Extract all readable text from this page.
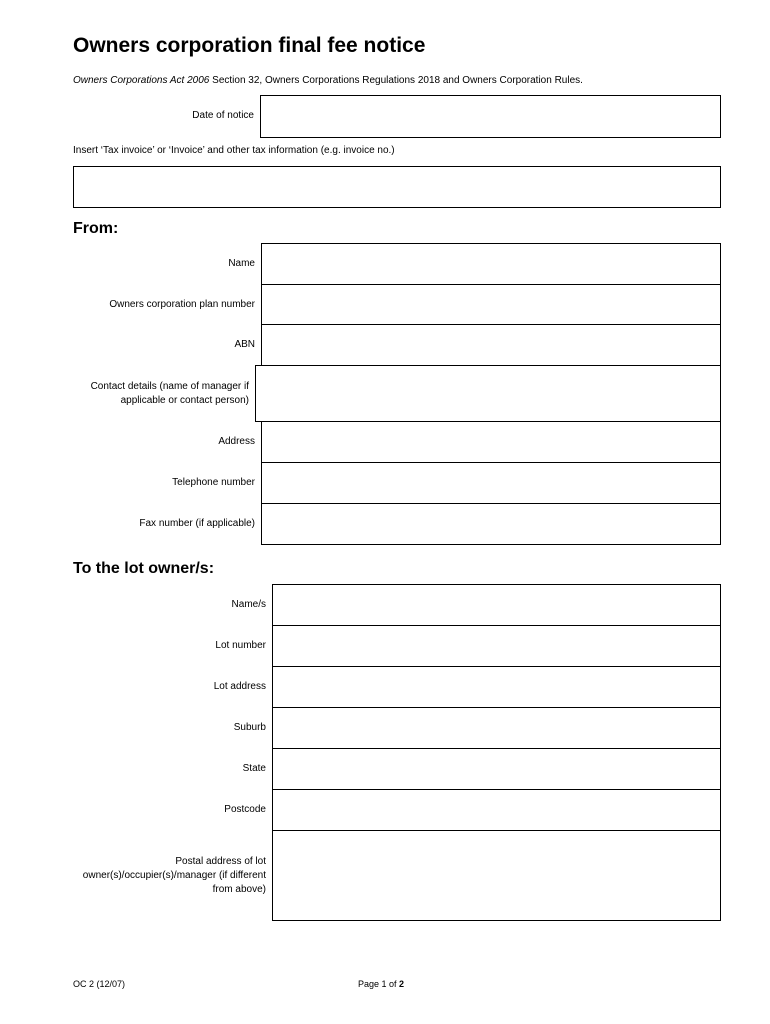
Owners corporation final fee notice
Owners Corporations Act 2006 Section 32, Owners Corporations Regulations 2018 and Owners Corporation Rules.
Date of notice
Insert ‘Tax invoice’ or ‘Invoice’ and other tax information (e.g. invoice no.)
From:
Name
Owners corporation plan number
ABN
Contact details (name of manager if applicable or contact person)
Address
Telephone number
Fax number (if applicable)
To the lot owner/s:
Name/s
Lot number
Lot address
Suburb
State
Postcode
Postal address of lot owner(s)/occupier(s)/manager (if different from above)
OC 2 (12/07)	Page 1 of 2
